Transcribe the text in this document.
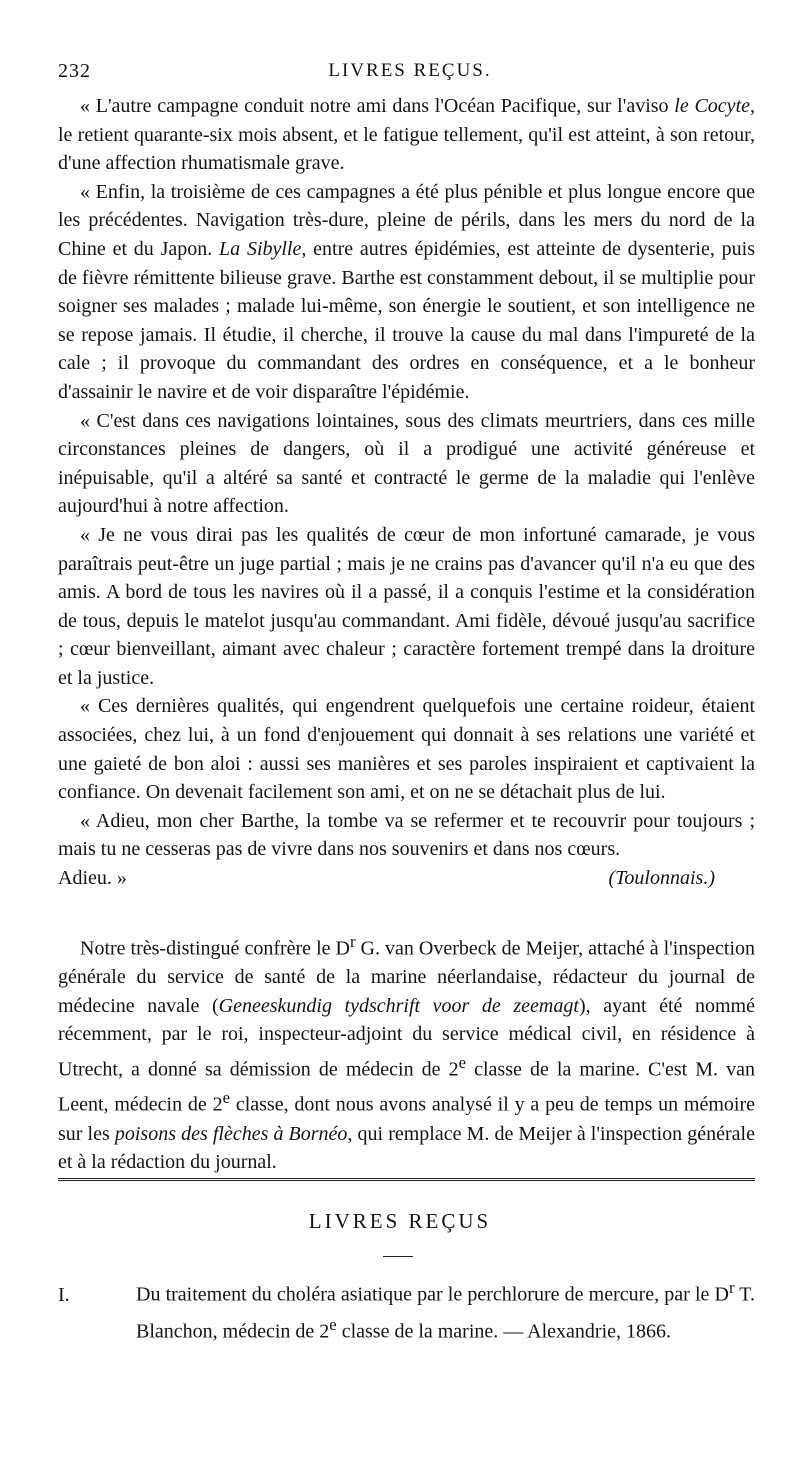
232	LIVRES REÇUS.

« L'autre campagne conduit notre ami dans l'Océan Pacifique, sur l'aviso le Cocyte, le retient quarante-six mois absent, et le fatigue tellement, qu'il est atteint, à son retour, d'une affection rhumatismale grave.

« Enfin, la troisième de ces campagnes a été plus pénible et plus longue encore que les précédentes. Navigation très-dure, pleine de périls, dans les mers du nord de la Chine et du Japon. La Sibylle, entre autres épidémies, est atteinte de dysenterie, puis de fièvre rémittente bilieuse grave. Barthe est constamment debout, il se multiplie pour soigner ses malades ; malade lui-même, son énergie le soutient, et son intelligence ne se repose jamais. Il étudie, il cherche, il trouve la cause du mal dans l'impureté de la cale ; il provoque du commandant des ordres en conséquence, et a le bonheur d'assainir le navire et de voir disparaître l'épidémie.

« C'est dans ces navigations lointaines, sous des climats meurtriers, dans ces mille circonstances pleines de dangers, où il a prodigué une activité généreuse et inépuisable, qu'il a altéré sa santé et contracté le germe de la maladie qui l'enlève aujourd'hui à notre affection.

« Je ne vous dirai pas les qualités de cœur de mon infortuné camarade, je vous paraîtrais peut-être un juge partial ; mais je ne crains pas d'avancer qu'il n'a eu que des amis. A bord de tous les navires où il a passé, il a conquis l'estime et la considération de tous, depuis le matelot jusqu'au commandant. Ami fidèle, dévoué jusqu'au sacrifice ; cœur bienveillant, aimant avec chaleur ; caractère fortement trempé dans la droiture et la justice.

« Ces dernières qualités, qui engendrent quelquefois une certaine roideur, étaient associées, chez lui, à un fond d'enjouement qui donnait à ses relations une variété et une gaieté de bon aloi : aussi ses manières et ses paroles inspiraient et captivaient la confiance. On devenait facilement son ami, et on ne se détachait plus de lui.

« Adieu, mon cher Barthe, la tombe va se refermer et te recouvrir pour toujours ; mais tu ne cesseras pas de vivre dans nos souvenirs et dans nos cœurs.

Adieu. »	(Toulonnais.)

Notre très-distingué confrère le $D^r$ G. van Overbeck de Meijer, attaché à l'inspection générale du service de santé de la marine néerlandaise, rédacteur du journal de médecine navale (Geneeskundig tydschrift voor de zeemagt), ayant été nommé récemment, par le roi, inspecteur-adjoint du service médical civil, en résidence à Utrecht, a donné sa démission de médecin de 2e classe de la marine. C'est M. van Leent, médecin de 2e classe, dont nous avons analysé il y a peu de temps un mémoire sur les poisons des flèches à Bornéo, qui remplace M. de Meijer à l'inspection générale et à la rédaction du journal.

LIVRES REÇUS
I.	Du traitement du choléra asiatique par le perchlorure de mercure, par le $D^r$ T. Blanchon, médecin de 2e classe de la marine. — Alexandrie, 1866.
